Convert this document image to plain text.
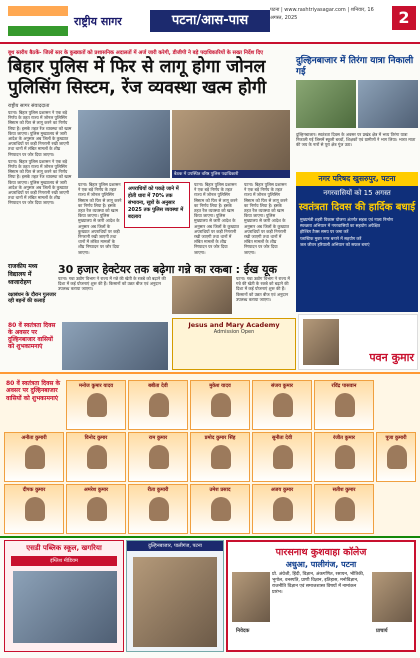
राष्ट्रीय सागर	पटना/आस-पास
पटना | www.rashtriyasagar.com | शनिवार, 16 अगस्त, 2025	2
बूथ स्तरीय बैठकें- जिलों स्तर के कुख्यातों को प्रशासनिक अदालतों में अर्ज जारी करेगी, डीजीपी ने बड़े पदाधिकारियों के सख्त निर्देश दिए
बिहार पुलिस में फिर से लागू होगा जोनल पुलिसिंग सिस्टम, रेंज व्यवस्था खत्म होगी
राष्ट्रीय सागर संवाददाता

पटना। बिहार पुलिस प्रशासन ने एक बड़े निर्णय के तहत राज्य में जोनल पुलिसिंग सिस्टम को फिर से लागू करने का निर्णय लिया है। इसके तहत रेंज व्यवस्था को खत्म किया जाएगा। पुलिस मुख्यालय से जारी आदेश के अनुसार अब जिलों के कुख्यात अपराधियों पर कड़ी निगरानी रखी जाएगी तथा थानों में लंबित मामलों के शीघ्र निष्पादन पर जोर दिया जाएगा।

पटना। बिहार पुलिस प्रशासन ने एक बड़े निर्णय के तहत राज्य में जोनल पुलिसिंग सिस्टम को फिर से लागू करने का निर्णय लिया है। इसके तहत रेंज व्यवस्था को खत्म किया जाएगा। पुलिस मुख्यालय से जारी आदेश के अनुसार अब जिलों के कुख्यात अपराधियों पर कड़ी निगरानी रखी जाएगी तथा थानों में लंबित मामलों के शीघ्र निष्पादन पर जोर दिया जाएगा।

बैठक में उपस्थित वरिष्ठ पुलिस पदाधिकारी

पटना। बिहार पुलिस प्रशासन ने एक बड़े निर्णय के तहत राज्य में जोनल पुलिसिंग सिस्टम को फिर से लागू करने का निर्णय लिया है। इसके तहत रेंज व्यवस्था को खत्म किया जाएगा। पुलिस मुख्यालय से जारी आदेश के अनुसार अब जिलों के कुख्यात अपराधियों पर कड़ी निगरानी रखी जाएगी तथा थानों में लंबित मामलों के शीघ्र निष्पादन पर जोर दिया जाएगा।

अपराधियों को पकड़े जाने में होती धारा में 70% तक संभावना, सूत्रों के अनुसार 2025 तक पुलिस व्यवस्था में बदलाव

पटना। बिहार पुलिस प्रशासन ने एक बड़े निर्णय के तहत राज्य में जोनल पुलिसिंग सिस्टम को फिर से लागू करने का निर्णय लिया है। इसके तहत रेंज व्यवस्था को खत्म किया जाएगा। पुलिस मुख्यालय से जारी आदेश के अनुसार अब जिलों के कुख्यात अपराधियों पर कड़ी निगरानी रखी जाएगी तथा थानों में लंबित मामलों के शीघ्र निष्पादन पर जोर दिया जाएगा।

पटना। बिहार पुलिस प्रशासन ने एक बड़े निर्णय के तहत राज्य में जोनल पुलिसिंग सिस्टम को फिर से लागू करने का निर्णय लिया है। इसके तहत रेंज व्यवस्था को खत्म किया जाएगा। पुलिस मुख्यालय से जारी आदेश के अनुसार अब जिलों के कुख्यात अपराधियों पर कड़ी निगरानी रखी जाएगी तथा थानों में लंबित मामलों के शीघ्र निष्पादन पर जोर दिया जाएगा।

दुल्हिनबाजार में तिरंगा यात्रा निकाली गई

दुल्हिनबाजार। स्वतंत्रता दिवस के अवसर पर प्रखंड क्षेत्र में भव्य तिरंगा यात्रा निकाली गई जिसमें स्कूली बच्चों, शिक्षकों एवं ग्रामीणों ने भाग लिया। भारत माता की जय के नारों से पूरा क्षेत्र गूंज उठा।

नगर परिषद खुसरुपुर, पटना
नगरवासियों को 15 अगस्त
स्वतंत्रता दिवस की हार्दिक बधाई
मुख्यमंत्री शहरी विकास योजना अंतर्गत सड़क एवं नाला निर्माण
स्वच्छता अभियान में नगरवासियों का सहयोग अपेक्षित
होल्डिंग टैक्स समय पर जमा करें
प्लास्टिक मुक्त नगर बनाने में सहयोग करें
जल जीवन हरियाली अभियान को सफल बनाएं
राजकीय मध्य विद्यालय में ध्वजारोहण
30 हजार हेक्टेयर तक बढ़ेगा गन्ने का रकबा : ईख यूक

पटना। गन्ना उद्योग विभाग ने राज्य में गन्ने की खेती के रकबे को बढ़ाने की दिशा में कई योजनाएं शुरू की हैं। किसानों को उन्नत बीज एवं अनुदान उपलब्ध कराया जाएगा।

पटना। गन्ना उद्योग विभाग ने राज्य में गन्ने की खेती के रकबे को बढ़ाने की दिशा में कई योजनाएं शुरू की हैं। किसानों को उन्नत बीज एवं अनुदान उपलब्ध कराया जाएगा।

रक्षाबंधन के दौरान गुलजार रही बहनों की कलाई
80 वें स्वतंत्रता दिवस के अवसर पर दुल्हिनबाजार वासियों को शुभकामनाएं
Jesus and Mary Academy
Admission Open
पवन कुमार
80 वें स्वतंत्रता दिवस के अवसर पर दुल्हिनबाजार वासियों को शुभकामनाएं
मनोज कुमार यादव	बबीता देवी	मुकेश यादव	संजय कुमार	रविंद्र पासवान
अनीता कुमारी	विनोद कुमार	राम कुमार	प्रमोद कुमार सिंह	सुनीता देवी	रंजीत कुमार
दीपक कुमार	अमरेश कुमार	रीता कुमारी	उमेश प्रसाद	अजय कुमार	सतीश कुमार
पूजा कुमारी
एसडी पब्लिक स्कूल, खगरिया
इंग्लिश मीडियम
दुल्हिनबाजार, पालीगंज, पटना
पारसनाथ कुशवाहा कॉलेज
अधुआ, पालीगंज, पटना
प्रो. अंग्रेजी, हिंदी, विज्ञान, अंकगणित, रसायन, भौतिकी, भूगोल, वनस्पति, प्राणी विज्ञान, इतिहास, मनोविज्ञान, राजनीति विज्ञान एवं समाजशास्त्र विषयों में नामांकन प्रारंभ।
निवेदक	प्राचार्य
